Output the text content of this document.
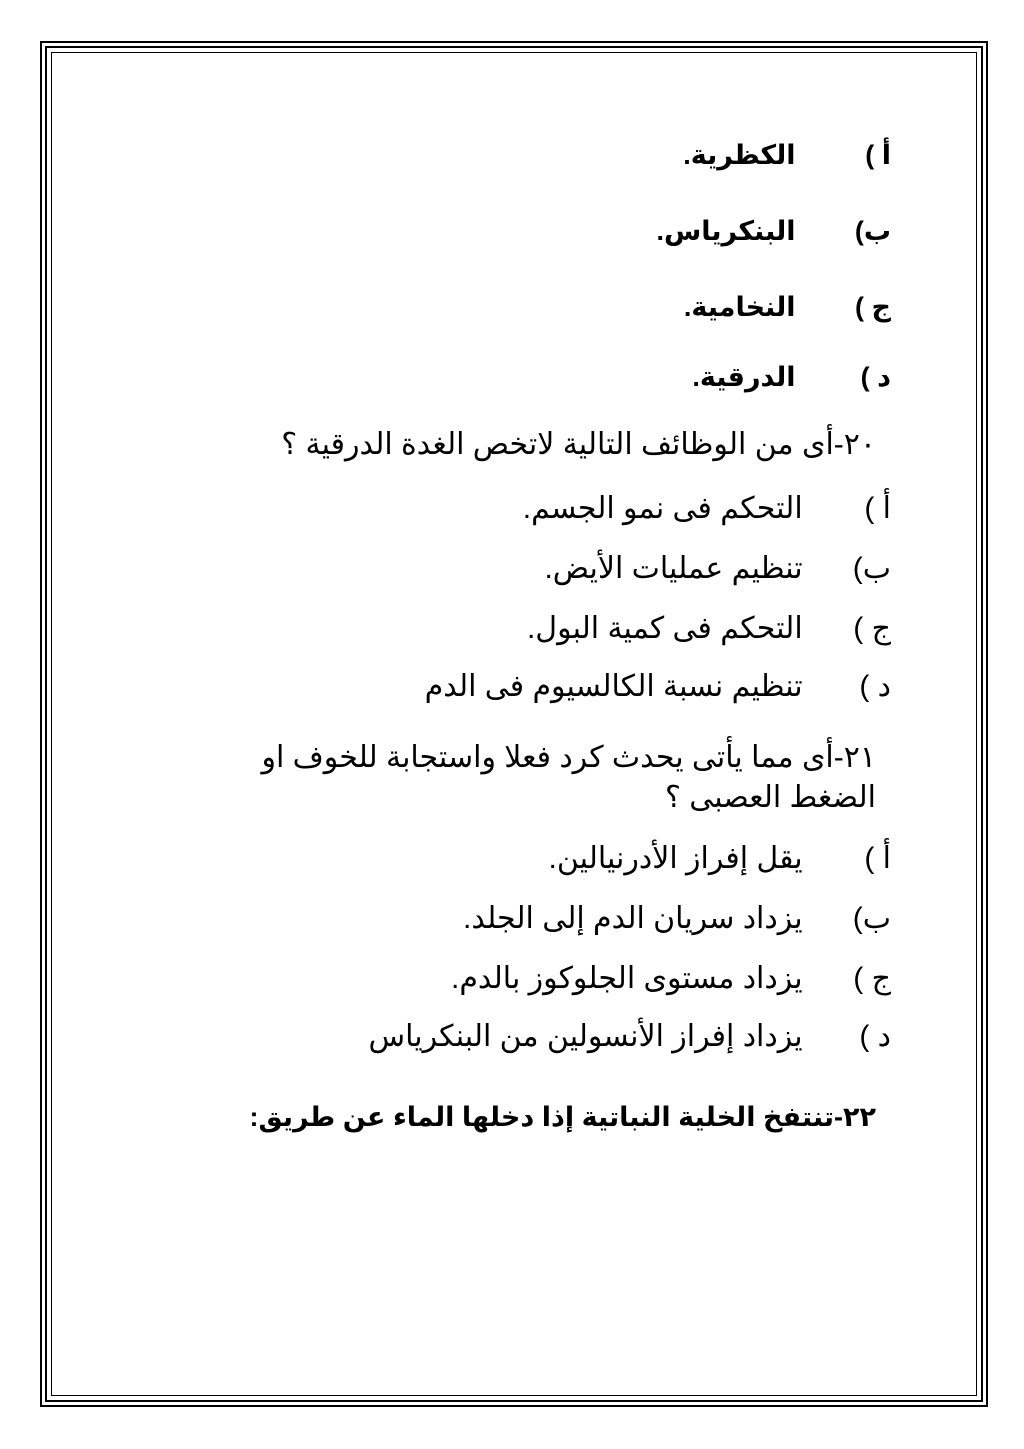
أ ) الكظرية.
ب) البنكرياس.
ج ) النخامية.
د ) الدرقية.
٢٠-أى من الوظائف التالية لاتخص الغدة الدرقية ؟
أ ) التحكم فى نمو الجسم.
ب) تنظيم عمليات الأيض.
ج ) التحكم فى كمية البول.
د ) تنظيم نسبة الكالسيوم فى الدم
٢١-أى مما يأتى يحدث كرد فعلا واستجابة للخوف او الضغط العصبى ؟
أ ) يقل إفراز الأدرنيالين.
ب) يزداد سريان الدم إلى الجلد.
ج ) يزداد مستوى الجلوكوز بالدم.
د ) يزداد إفراز الأنسولين من البنكرياس
٢٢-تنتفخ الخلية النباتية إذا دخلها الماء عن طريق:
